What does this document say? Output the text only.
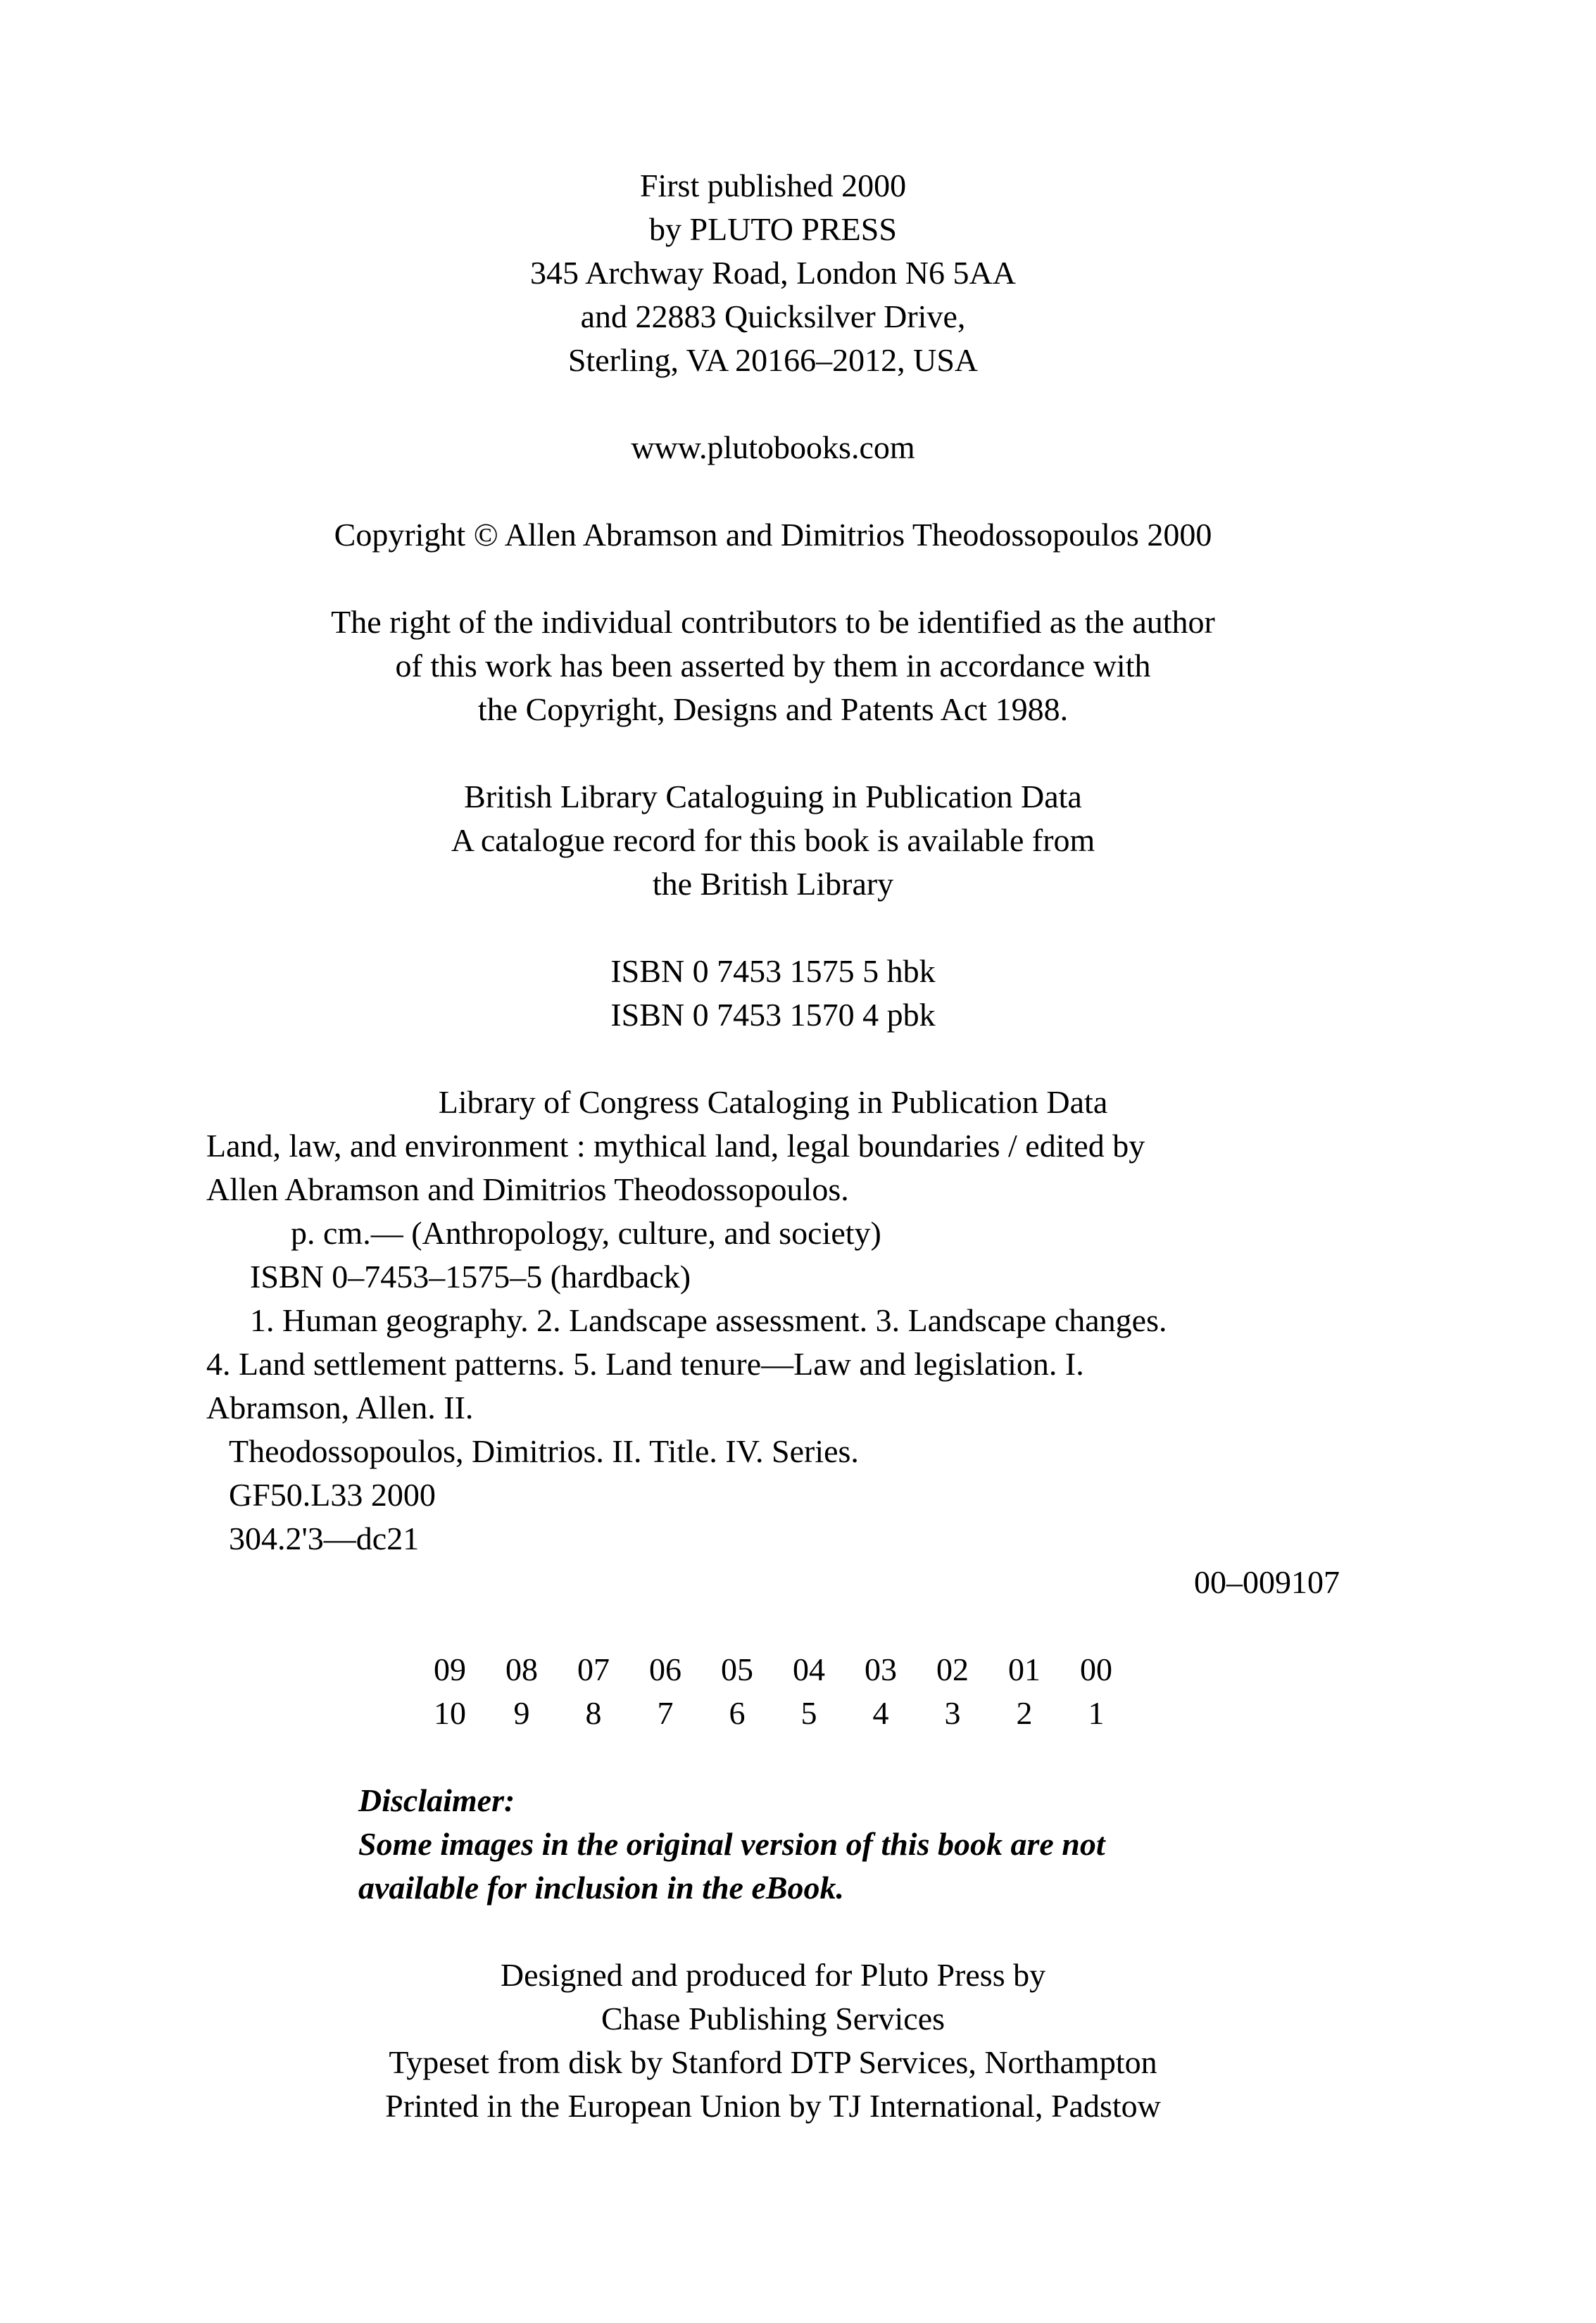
First published 2000
by PLUTO PRESS
345 Archway Road, London N6 5AA
and 22883 Quicksilver Drive,
Sterling, VA 20166–2012, USA
www.plutobooks.com
Copyright © Allen Abramson and Dimitrios Theodossopoulos 2000
The right of the individual contributors to be identified as the author
of this work has been asserted by them in accordance with
the Copyright, Designs and Patents Act 1988.
British Library Cataloguing in Publication Data
A catalogue record for this book is available from
the British Library
ISBN 0 7453 1575 5 hbk
ISBN 0 7453 1570 4 pbk
Library of Congress Cataloging in Publication Data
Land, law, and environment : mythical land, legal boundaries / edited by
Allen Abramson and Dimitrios Theodossopoulos.
p. cm.— (Anthropology, culture, and society)
ISBN 0–7453–1575–5 (hardback)
1. Human geography. 2. Landscape assessment. 3. Landscape changes.
4. Land settlement patterns. 5. Land tenure—Law and legislation. I.
Abramson, Allen. II.
Theodossopoulos, Dimitrios. II. Title. IV. Series.
GF50.L33 2000
304.2'3—dc21
00–009107
09	08	07	06	05	04	03	02	01	00
10	9	8	7	6	5	4	3	2	1
Disclaimer:
Some images in the original version of this book are not
available for inclusion in the eBook.
Designed and produced for Pluto Press by
Chase Publishing Services
Typeset from disk by Stanford DTP Services, Northampton
Printed in the European Union by TJ International, Padstow
